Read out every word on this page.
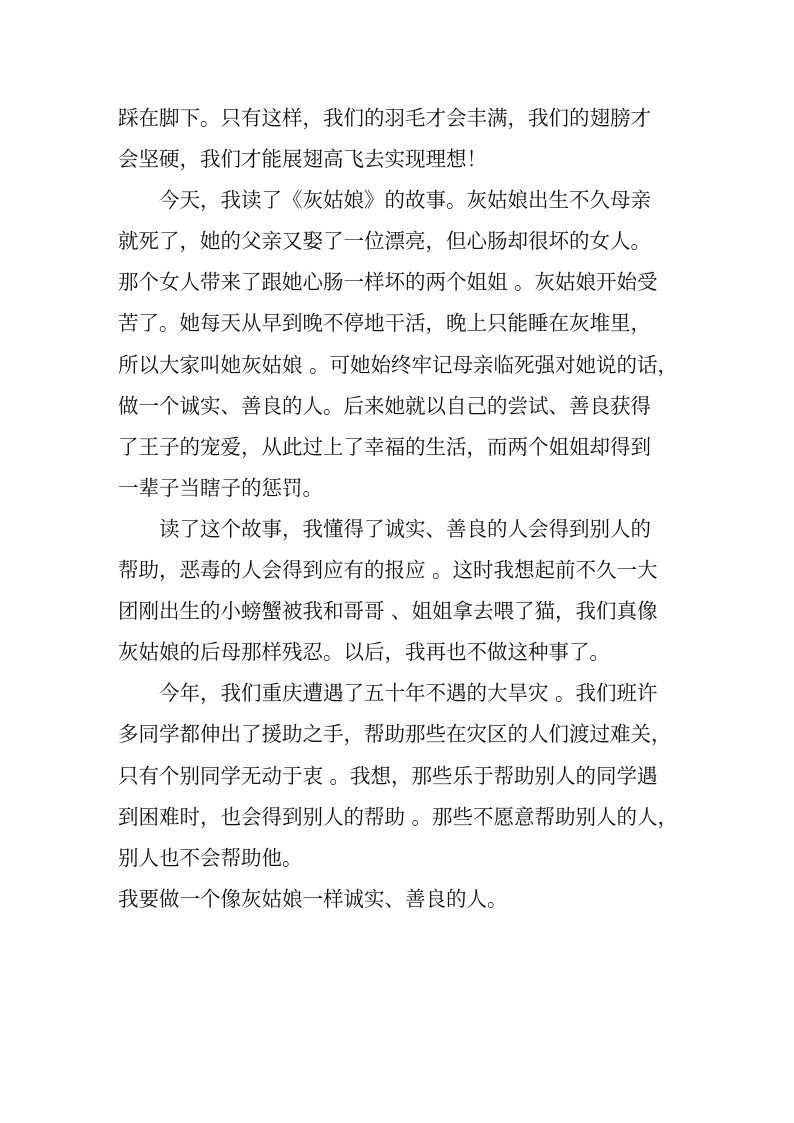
踩在脚下。只有这样，我们的羽毛才会丰满，我们的翅膀才
会坚硬，我们才能展翅高飞去实现理想！
今天，我读了《灰姑娘》的故事。灰姑娘出生不久母亲
就死了，她的父亲又娶了一位漂亮，但心肠却很坏的女人。
那个女人带来了跟她心肠一样坏的两个姐姐 。灰姑娘开始受
苦了。她每天从早到晚不停地干活，晚上只能睡在灰堆里，
所以大家叫她灰姑娘 。可她始终牢记母亲临死强对她说的话，
做一个诚实、善良的人。后来她就以自己的尝试、善良获得
了王子的宠爱，从此过上了幸福的生活，而两个姐姐却得到
一辈子当瞎子的惩罚。
读了这个故事，我懂得了诚实、善良的人会得到别人的
帮助，恶毒的人会得到应有的报应 。这时我想起前不久一大
团刚出生的小螃蟹被我和哥哥 、姐姐拿去喂了猫，我们真像
灰姑娘的后母那样残忍。以后，我再也不做这种事了。
今年，我们重庆遭遇了五十年不遇的大旱灾 。我们班许
多同学都伸出了援助之手，帮助那些在灾区的人们渡过难关，
只有个别同学无动于衷 。我想，那些乐于帮助别人的同学遇
到困难时，也会得到别人的帮助 。那些不愿意帮助别人的人，
别人也不会帮助他。
我要做一个像灰姑娘一样诚实、善良的人。
